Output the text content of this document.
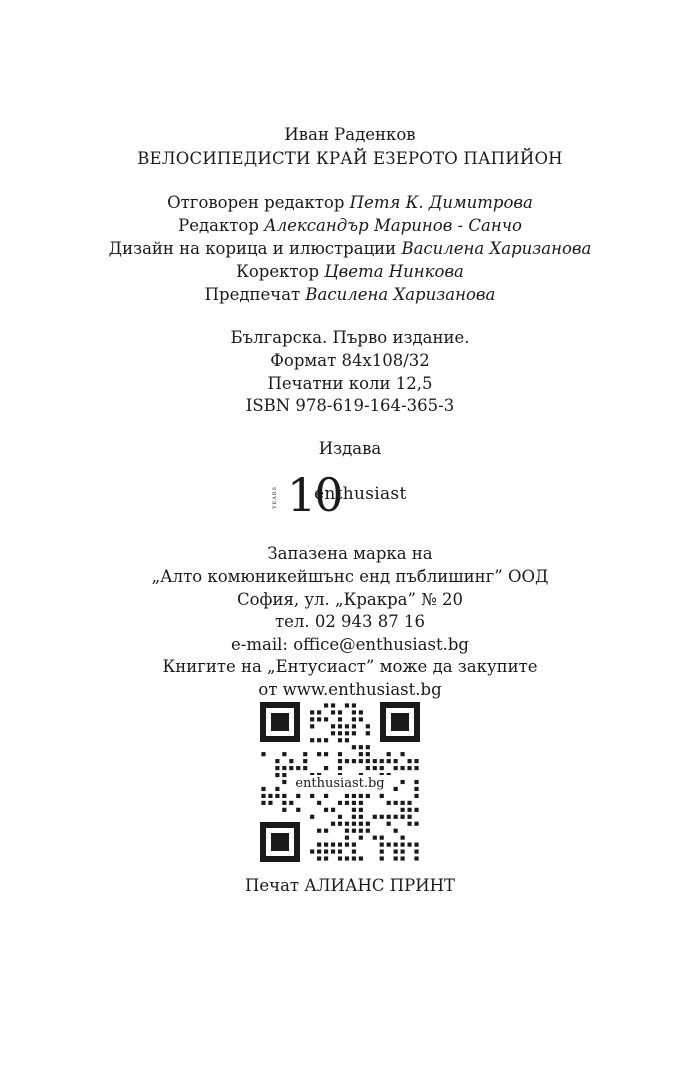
Иван Раденков
ВЕЛОСИПЕДИСТИ КРАЙ ЕЗЕРОТО ПАПИЙОН
Отговорен редактор Петя К. Димитрова
Редактор Александър Маринов - Санчо
Дизайн на корица и илюстрации Василена Харизанова
Коректор Цвета Нинкова
Предпечат Василена Харизанова
Българска. Първо издание.
Формат 84х108/32
Печатни коли 12,5
ISBN 978-619-164-365-3
Издава
YEARS 10
enthusiast
Запазена марка на
„Алто комюникейшънс енд пъблишинг” ООД
София, ул. „Кракра” № 20
тел. 02 943 87 16
e-mail: office@enthusiast.bg
Книгите на „Ентусиаст” може да закупите
от www.enthusiast.bg
enthusiast.bg
Печат АЛИАНС ПРИНТ
